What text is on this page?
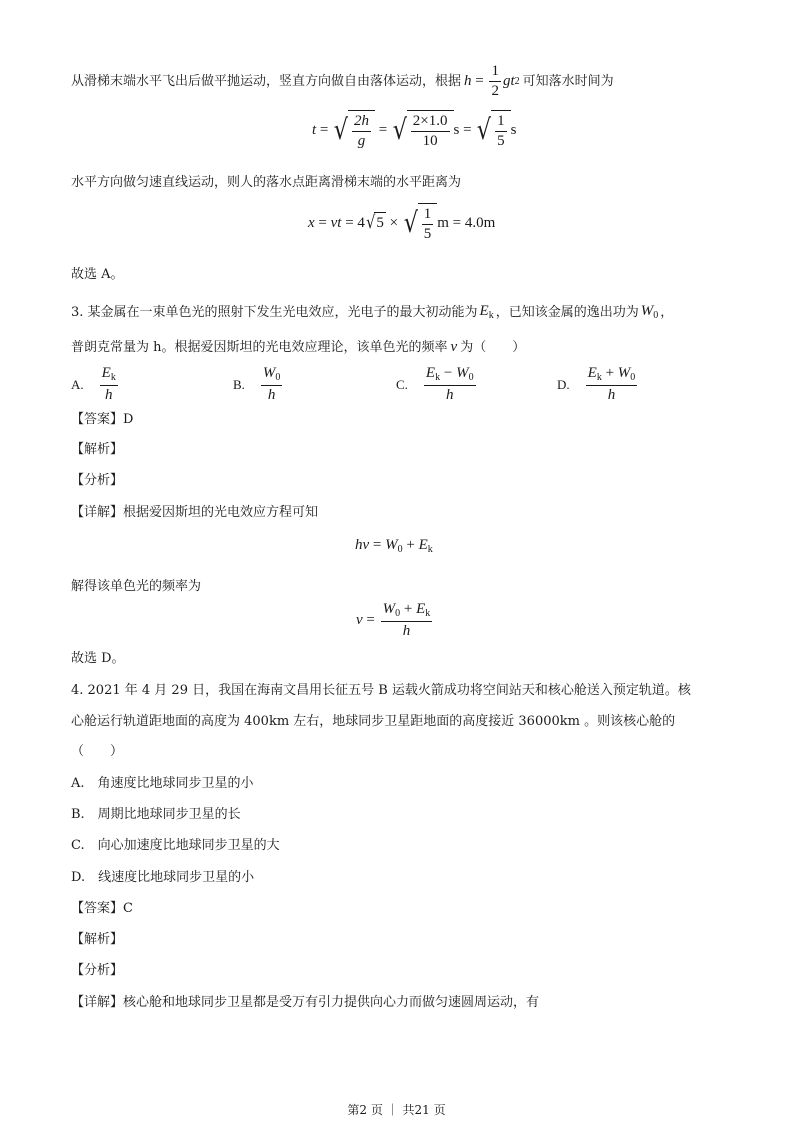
从滑梯末端水平飞出后做平抛运动，竖直方向做自由落体运动，根据 $h = \frac{1}{2}$ gt 2 可知落水时间为
t = √ $\frac{2h}{g}$ = √ $\frac{2\times 1.0}{10}$ s = √ $\frac{1}{5}$ s
水平方向做匀速直线运动，则人的落水点距离滑梯末端的水平距离为
x = vt = 4 √ 5 × √ $\frac{1}{5}$ m = 4.0m
故选 A。
3. 某金属在一束单色光的照射下发生光电效应，光电子的最大初动能为 $E_k$ ，已知该金属的逸出功为 $W_0$ ，
普朗克常量为 h。根据爱因斯坦的光电效应理论，该单色光的频率 ν 为（　　）
A. $\frac{E_k}{h}$	B. $\frac{W_0}{h}$	C. $\frac{E_k - W_0}{h}$	D. $\frac{E_k + W_0}{h}$
【答案】D
【解析】
【分析】
【详解】根据爱因斯坦的光电效应方程可知
$h\nu = W_0 + E_k$
解得该单色光的频率为
$\nu = \frac{W_0 + E_k}{h}$
故选 D。
4. 2021 年 4 月 29 日，我国在海南文昌用长征五号 B 运载火箭成功将空间站天和核心舱送入预定轨道。核
心舱运行轨道距地面的高度为 400km 左右，地球同步卫星距地面的高度接近 36000km 。则该核心舱的
（　　）
A.　角速度比地球同步卫星的小
B.　周期比地球同步卫星的长
C.　向心加速度比地球同步卫星的大
D.　线速度比地球同步卫星的小
【答案】C
【解析】
【分析】
【详解】核心舱和地球同步卫星都是受万有引力提供向心力而做匀速圆周运动，有
第2 页 ｜ 共21 页
